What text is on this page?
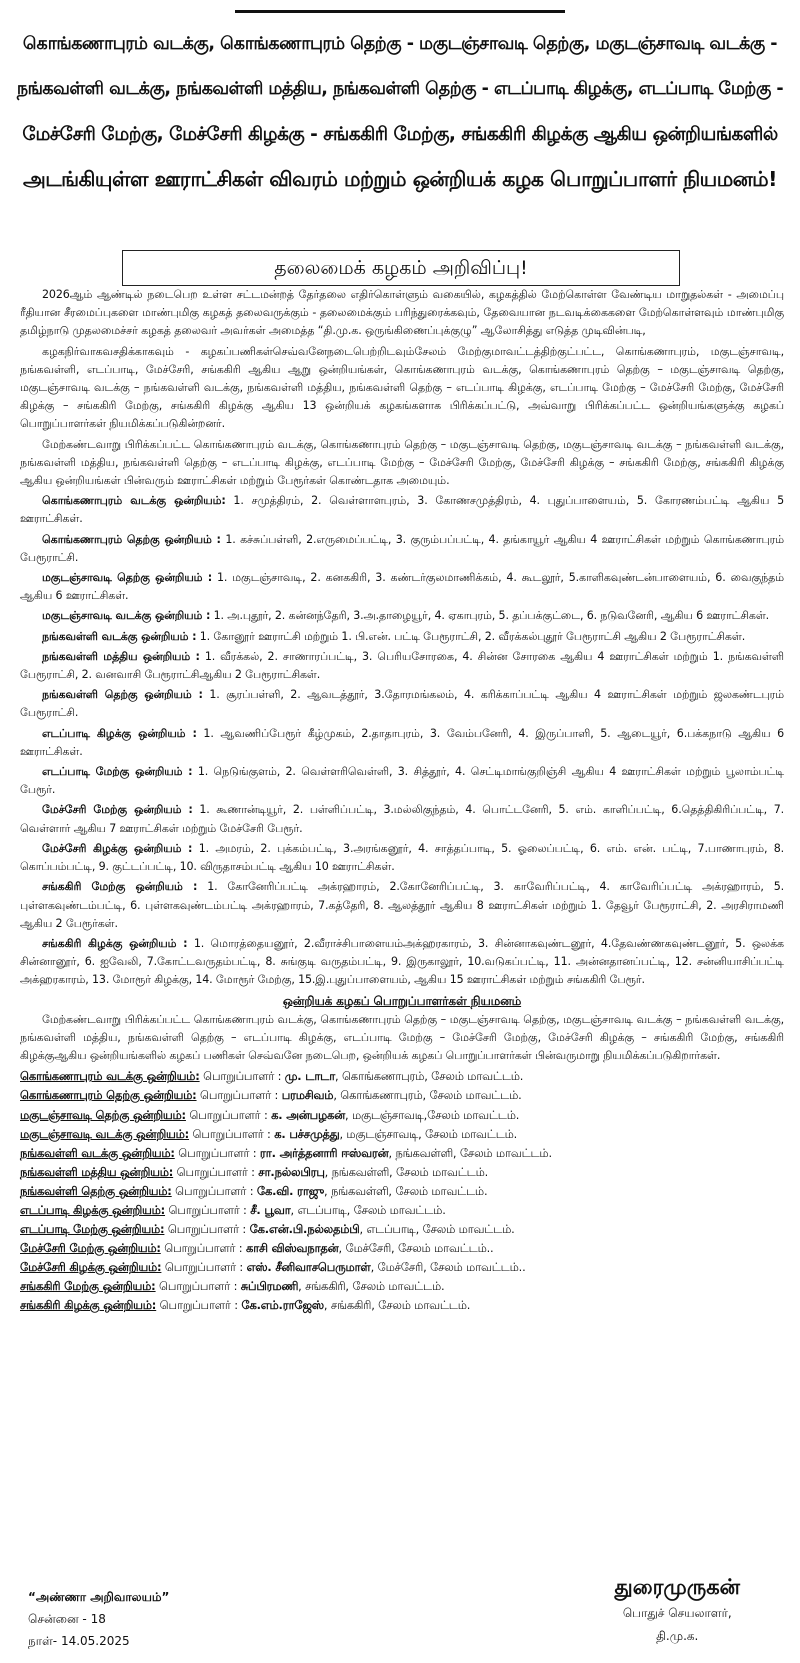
கொங்கணாபுரம் வடக்கு, கொங்கணாபுரம் தெற்கு - மகுடஞ்சாவடி தெற்கு, மகுடஞ்சாவடி வடக்கு -
நங்கவள்ளி வடக்கு, நங்கவள்ளி மத்திய, நங்கவள்ளி தெற்கு - எடப்பாடி கிழக்கு, எடப்பாடி மேற்கு -
மேச்சேரி மேற்கு, மேச்சேரி கிழக்கு - சங்ககிரி மேற்கு, சங்ககிரி கிழக்கு ஆகிய ஒன்றியங்களில்
அடங்கியுள்ள ஊராட்சிகள் விவரம் மற்றும் ஒன்றியக் கழக பொறுப்பாளர் நியமனம்!
தலைமைக் கழகம் அறிவிப்பு!

2026ஆம் ஆண்டில் நடைபெற உள்ள சட்டமன்றத் தேர்தலை எதிர்கொள்ளும் வகையில், கழகத்தில் மேற்கொள்ள வேண்டிய மாறுதல்கள் - அமைப்பு ரீதியான சீரமைப்புகளை மாண்புமிகு கழகத் தலைவருக்கும் - தலைமைக்கும் பரிந்துரைக்கவும், தேவையான நடவடிக்கைகளை மேற்கொள்ளவும் மாண்புமிகு தமிழ்நாடு முதலமைச்சர் கழகத் தலைவர் அவர்கள் அமைத்த “தி.மு.க. ஒருங்கிணைப்புக்குழு” ஆலோசித்து எடுத்த முடிவின்படி,

கழகநிர்வாகவசதிக்காகவும் - கழகப்பணிகள்செவ்வனேநடைபெற்றிடவும்சேலம் மேற்குமாவட்டத்திற்குட்பட்ட, கொங்கணாபுரம், மகுடஞ்சாவடி, நங்கவள்ளி, எடப்பாடி, மேச்சேரி, சங்ககிரி ஆகிய ஆறு ஒன்றியங்கள், கொங்கணாபுரம் வடக்கு, கொங்கணாபுரம் தெற்கு – மகுடஞ்சாவடி தெற்கு, மகுடஞ்சாவடி வடக்கு – நங்கவள்ளி வடக்கு, நங்கவள்ளி மத்திய, நங்கவள்ளி தெற்கு – எடப்பாடி கிழக்கு, எடப்பாடி மேற்கு – மேச்சேரி மேற்கு, மேச்சேரி கிழக்கு – சங்ககிரி மேற்கு, சங்ககிரி கிழக்கு ஆகிய 13 ஒன்றியக் கழகங்களாக பிரிக்கப்பட்டு, அவ்வாறு பிரிக்கப்பட்ட ஒன்றியங்களுக்கு கழகப் பொறுப்பாளர்கள் நியமிக்கப்படுகின்றனர்.

மேற்கண்டவாறு பிரிக்கப்பட்ட கொங்கணாபுரம் வடக்கு, கொங்கணாபுரம் தெற்கு – மகுடஞ்சாவடி தெற்கு, மகுடஞ்சாவடி வடக்கு – நங்கவள்ளி வடக்கு, நங்கவள்ளி மத்திய, நங்கவள்ளி தெற்கு – எடப்பாடி கிழக்கு, எடப்பாடி மேற்கு – மேச்சேரி மேற்கு, மேச்சேரி கிழக்கு – சங்ககிரி மேற்கு, சங்ககிரி கிழக்கு ஆகிய ஒன்றியங்கள் பின்வரும் ஊராட்சிகள் மற்றும் பேரூர்கள் கொண்டதாக அமையும்.

கொங்கணாபுரம் வடக்கு ஒன்றியம்: 1. சமுத்திரம், 2. வெள்ளாளபுரம், 3. கோணசமுத்திரம், 4. புதுப்பாளையம், 5. கோரணம்பட்டி ஆகிய 5 ஊராட்சிகள்.

கொங்கணாபுரம் தெற்கு ஒன்றியம் : 1. கச்சுப்பள்ளி, 2.எருமைப்பட்டி, 3. குரும்பப்பட்டி, 4. தங்காயூர் ஆகிய 4 ஊராட்சிகள் மற்றும் கொங்கணாபுரம் பேரூராட்சி.

மகுடஞ்சாவடி தெற்கு ஒன்றியம் : 1. மகுடஞ்சாவடி, 2. கனககிரி, 3. கண்டர்குலமாணிக்கம், 4. கூடலூர், 5.காளிகவுண்டன்பாளையம், 6. வைகுந்தம் ஆகிய 6 ஊராட்சிகள்.

மகுடஞ்சாவடி வடக்கு ஒன்றியம் : 1. அ.புதூர், 2. கன்னந்தேரி, 3.அ.தாழையூர், 4. ஏகாபுரம், 5. தப்பக்குட்டை, 6. நடுவனேரி, ஆகிய 6 ஊராட்சிகள்.

நங்கவள்ளி வடக்கு ஒன்றியம் : 1. கோனூர் ஊராட்சி மற்றும் 1. பி.என். பட்டி பேரூராட்சி, 2. வீரக்கல்புதூர் பேரூராட்சி ஆகிய 2 பேரூராட்சிகள்.

நங்கவள்ளி மத்திய ஒன்றியம் : 1. வீரக்கல், 2. சாணாரப்பட்டி, 3. பெரியசோரகை, 4. சின்ன சோரகை ஆகிய 4 ஊராட்சிகள் மற்றும் 1. நங்கவள்ளி பேரூராட்சி, 2. வனவாசி பேரூராட்சிஆகிய 2 பேரூராட்சிகள்.

நங்கவள்ளி தெற்கு ஒன்றியம் : 1. சூரப்பள்ளி, 2. ஆவடத்தூர், 3.தோரமங்கலம், 4. கரிக்காப்பட்டி ஆகிய 4 ஊராட்சிகள் மற்றும் ஜலகண்டபுரம் பேரூராட்சி.

எடப்பாடி கிழக்கு ஒன்றியம் : 1. ஆவணிப்பேரூர் கீழ்முகம், 2.தாதாபுரம், 3. வேம்பனேரி, 4. இருப்பாளி, 5. ஆடையூர், 6.பக்கநாடு ஆகிய 6 ஊராட்சிகள்.

எடப்பாடி மேற்கு ஒன்றியம் : 1. நெடுங்குளம், 2. வெள்ளரிவெள்ளி, 3. சித்தூர், 4. செட்டிமாங்குறிஞ்சி ஆகிய 4 ஊராட்சிகள் மற்றும் பூலாம்பட்டி பேரூர்.

மேச்சேரி மேற்கு ஒன்றியம் : 1. கூணான்டியூர், 2. பள்ளிப்பட்டி, 3.மல்லிகுந்தம், 4. பொட்டனேரி, 5. எம். காளிப்பட்டி, 6.தெத்திகிரிப்பட்டி, 7. வெள்ளார் ஆகிய 7 ஊராட்சிகள் மற்றும் மேச்சேரி பேரூர்.

மேச்சேரி கிழக்கு ஒன்றியம் : 1. அமரம், 2. புக்கம்பட்டி, 3.அரங்கனூர், 4. சாத்தப்பாடி, 5. ஓலைப்பட்டி, 6. எம். என். பட்டி, 7.பாணாபுரம், 8. கொப்பம்பட்டி, 9. குட்டப்பட்டி, 10. விருதாசம்பட்டி ஆகிய 10 ஊராட்சிகள்.

சங்ககிரி மேற்கு ஒன்றியம் : 1. கோனேரிப்பட்டி அக்ரஹாரம், 2.கோனேரிப்பட்டி, 3. காவேரிப்பட்டி, 4. காவேரிப்பட்டி அக்ரஹாரம், 5. புள்ளகவுண்டம்பட்டி, 6. புள்ளகவுண்டம்பட்டி அக்ரஹாரம், 7.கத்தேரி, 8. ஆலத்தூர் ஆகிய 8 ஊராட்சிகள் மற்றும் 1. தேவூர் பேரூராட்சி, 2. அரசிராமணி ஆகிய 2 பேரூர்கள்.

சங்ககிரி கிழக்கு ஒன்றியம் : 1. மொரத்தையனூர், 2.வீராச்சிபாளையம்அக்ஹரகாரம், 3. சின்னாகவுண்டனூர், 4.தேவண்ணகவுண்டனூர், 5. ஒலக்க சின்னானூர், 6. ஐவேலி, 7.கோட்டவருதம்பட்டி, 8. சுங்குடி வருதம்பட்டி, 9. இருகாலூர், 10.வடுகப்பட்டி, 11. அன்னதானப்பட்டி, 12. சன்னியாசிப்பட்டி அக்ஹரகாரம், 13. மோரூர் கிழக்கு, 14. மோரூர் மேற்கு, 15.இ.புதுப்பாளையம், ஆகிய 15 ஊராட்சிகள் மற்றும் சங்ககிரி பேரூர்.

ஒன்றியக் கழகப் பொறுப்பாளர்கள் நியமனம்

மேற்கண்டவாறு பிரிக்கப்பட்ட கொங்கணாபுரம் வடக்கு, கொங்கணாபுரம் தெற்கு – மகுடஞ்சாவடி தெற்கு, மகுடஞ்சாவடி வடக்கு – நங்கவள்ளி வடக்கு, நங்கவள்ளி மத்திய, நங்கவள்ளி தெற்கு – எடப்பாடி கிழக்கு, எடப்பாடி மேற்கு – மேச்சேரி மேற்கு, மேச்சேரி கிழக்கு – சங்ககிரி மேற்கு, சங்ககிரி கிழக்குஆகிய ஒன்றியங்களில் கழகப் பணிகள் செவ்வனே நடைபெற, ஒன்றியக் கழகப் பொறுப்பாளர்கள் பின்வருமாறு நியமிக்கப்படுகிறார்கள்.

கொங்கணாபுரம் வடக்கு ஒன்றியம்: பொறுப்பாளர் : மு. டாடா, கொங்கணாபுரம், சேலம் மாவட்டம்.
கொங்கணாபுரம் தெற்கு ஒன்றியம்: பொறுப்பாளர் : பரமசிவம், கொங்கணாபுரம், சேலம் மாவட்டம்.
மகுடஞ்சாவடி தெற்கு ஒன்றியம்: பொறுப்பாளர் : க. அன்பழகன், மகுடஞ்சாவடி,சேலம் மாவட்டம்.
மகுடஞ்சாவடி வடக்கு ஒன்றியம்: பொறுப்பாளர் : க. பச்சமுத்து, மகுடஞ்சாவடி, சேலம் மாவட்டம்.
நங்கவள்ளி வடக்கு ஒன்றியம்: பொறுப்பாளர் : ரா. அர்த்தனாரி ஈஸ்வரன், நங்கவள்ளி, சேலம் மாவட்டம்.
நங்கவள்ளி மத்திய ஒன்றியம்: பொறுப்பாளர் : சா.நல்லபிரபு, நங்கவள்ளி, சேலம் மாவட்டம்.
நங்கவள்ளி தெற்கு ஒன்றியம்: பொறுப்பாளர் : கே.வி. ராஜு, நங்கவள்ளி, சேலம் மாவட்டம்.
எடப்பாடி கிழக்கு ஒன்றியம்: பொறுப்பாளர் : சீ. பூவா, எடப்பாடி, சேலம் மாவட்டம்.
எடப்பாடி மேற்கு ஒன்றியம்: பொறுப்பாளர் : கே.என்.பி.நல்லதம்பி, எடப்பாடி, சேலம் மாவட்டம்.
மேச்சேரி மேற்கு ஒன்றியம்: பொறுப்பாளர் : காசி விஸ்வநாதன், மேச்சேரி, சேலம் மாவட்டம்..
மேச்சேரி கிழக்கு ஒன்றியம்: பொறுப்பாளர் : எஸ். சீனிவாசபெருமாள், மேச்சேரி, சேலம் மாவட்டம்..
சங்ககிரி மேற்கு ஒன்றியம்: பொறுப்பாளர் : சுப்பிரமணி, சங்ககிரி, சேலம் மாவட்டம்.
சங்ககிரி கிழக்கு ஒன்றியம்: பொறுப்பாளர் : கே.எம்.ராஜேஸ், சங்ககிரி, சேலம் மாவட்டம்.
“அண்ணா அறிவாலயம்”
சென்னை - 18
நாள்- 14.05.2025
துரைமுருகன்
பொதுச் செயலாளர்,
தி.மு.க.
